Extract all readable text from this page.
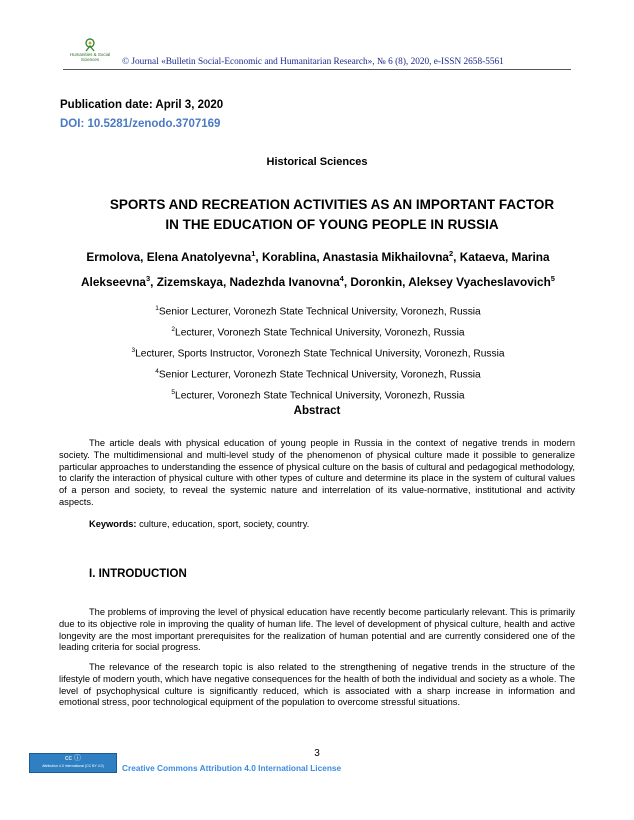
Humanities & Social
Sciences	© Journal «Bulletin Social-Economic and Humanitarian Research», № 6 (8), 2020, e-ISSN 2658-5561
Publication date: April 3, 2020
DOI: 10.5281/zenodo.3707169
Historical Sciences
SPORTS AND RECREATION ACTIVITIES AS AN IMPORTANT FACTOR
IN THE EDUCATION OF YOUNG PEOPLE IN RUSSIA
Ermolova, Elena Anatolyevna$^1$, Korablina, Anastasia Mikhailovna$^2$, Kataeva, Marina Alekseevna$^3$, Zizemskaya, Nadezhda Ivanovna$^4$, Doronkin, Aleksey Vyacheslavovich$^5$
$^1$Senior Lecturer, Voronezh State Technical University, Voronezh, Russia
$^2$Lecturer, Voronezh State Technical University, Voronezh, Russia
$^3$Lecturer, Sports Instructor, Voronezh State Technical University, Voronezh, Russia
$^4$Senior Lecturer, Voronezh State Technical University, Voronezh, Russia
$^5$Lecturer, Voronezh State Technical University, Voronezh, Russia
Abstract
The article deals with physical education of young people in Russia in the context of negative trends in modern society. The multidimensional and multi-level study of the phenomenon of physical culture made it possible to generalize particular approaches to understanding the essence of physical culture on the basis of cultural and pedagogical methodology, to clarify the interaction of physical culture with other types of culture and determine its place in the system of cultural values of a person and society, to reveal the systemic nature and interrelation of its value-normative, institutional and activity aspects.
Keywords: culture, education, sport, society, country.
I. INTRODUCTION
The problems of improving the level of physical education have recently become particularly relevant. This is primarily due to its objective role in improving the quality of human life. The level of development of physical culture, health and active longevity are the most important prerequisites for the realization of human potential and are currently considered one of the leading criteria for social progress.
The relevance of the research topic is also related to the strengthening of negative trends in the structure of the lifestyle of modern youth, which have negative consequences for the health of both the individual and society as a whole. The level of psychophysical culture is significantly reduced, which is associated with a sharp increase in information and emotional stress, poor technological equipment of the population to overcome stressful situations.
3
cc ⓘ
Attribution 4.0 International (CC BY 4.0)	Creative Commons Attribution 4.0 International License
